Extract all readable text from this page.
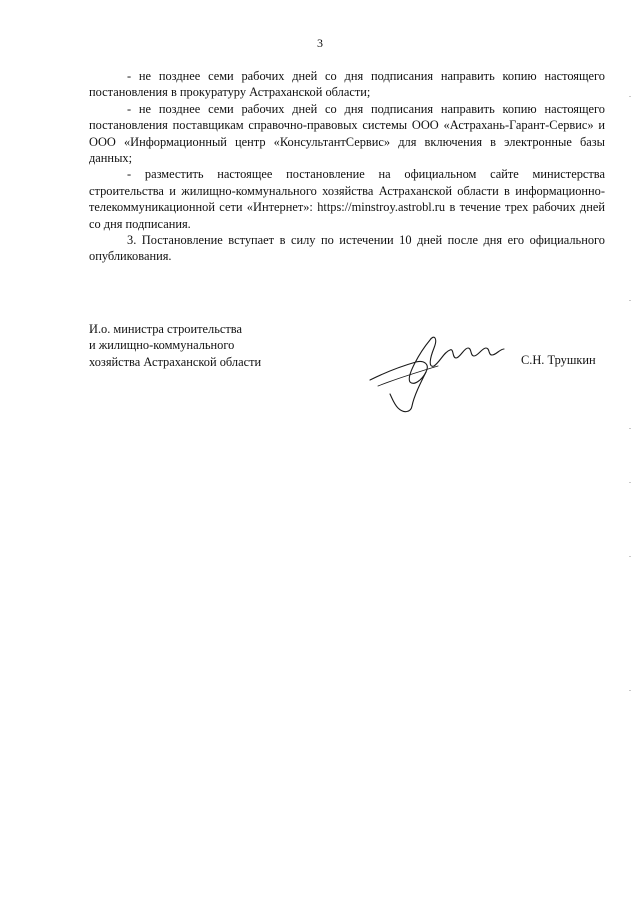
3

- не позднее семи рабочих дней со дня подписания направить копию настоящего постановления в прокуратуру Астраханской области;

- не позднее семи рабочих дней со дня подписания направить копию настоящего постановления поставщикам справочно-правовых системы ООО «Астрахань-Гарант-Сервис» и ООО «Информационный центр «КонсультантСервис» для включения в электронные базы данных;

- разместить настоящее постановление на официальном сайте министерства строительства и жилищно-коммунального хозяйства Астраханской области в информационно-телекоммуникационной сети «Интернет»: https://minstroy.astrobl.ru в течение трех рабочих дней со дня подписания.

3. Постановление вступает в силу по истечении 10 дней после дня его официального опубликования.

И.о. министра строительства
и жилищно-коммунального
хозяйства Астраханской области	С.Н. Трушкин
